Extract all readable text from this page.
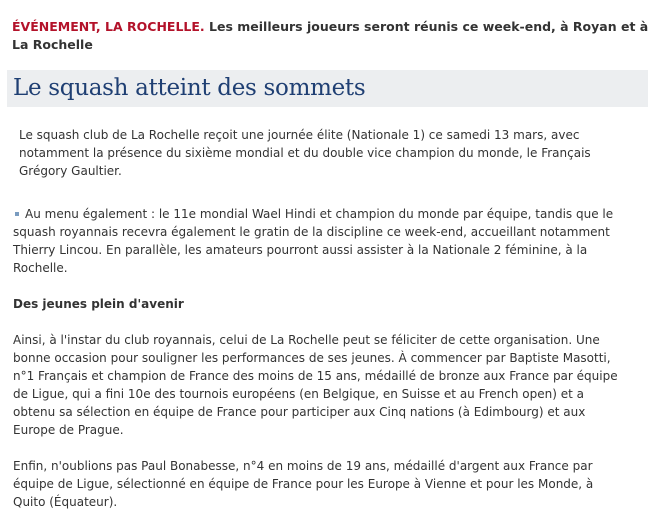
ÉVÉNEMENT, LA ROCHELLE. Les meilleurs joueurs seront réunis ce week-end, à Royan et à La Rochelle
Le squash atteint des sommets

Le squash club de La Rochelle reçoit une journée élite (Nationale 1) ce samedi 13 mars, avec notamment la présence du sixième mondial et du double vice champion du monde, le Français Grégory Gaultier.

Au menu également : le 11e mondial Wael Hindi et champion du monde par équipe, tandis que le squash royannais recevra également le gratin de la discipline ce week-end, accueillant notamment Thierry Lincou. En parallèle, les amateurs pourront aussi assister à la Nationale 2 féminine, à la Rochelle.
Des jeunes plein d'avenir

Ainsi, à l'instar du club royannais, celui de La Rochelle peut se féliciter de cette organisation. Une bonne occasion pour souligner les performances de ses jeunes. À commencer par Baptiste Masotti, n°1 Français et champion de France des moins de 15 ans, médaillé de bronze aux France par équipe de Ligue, qui a fini 10e des tournois européens (en Belgique, en Suisse et au French open) et a obtenu sa sélection en équipe de France pour participer aux Cinq nations (à Edimbourg) et aux Europe de Prague.

Enfin, n'oublions pas Paul Bonabesse, n°4 en moins de 19 ans, médaillé d'argent aux France par équipe de Ligue, sélectionné en équipe de France pour les Europe à Vienne et pour les Monde, à Quito (Équateur).
